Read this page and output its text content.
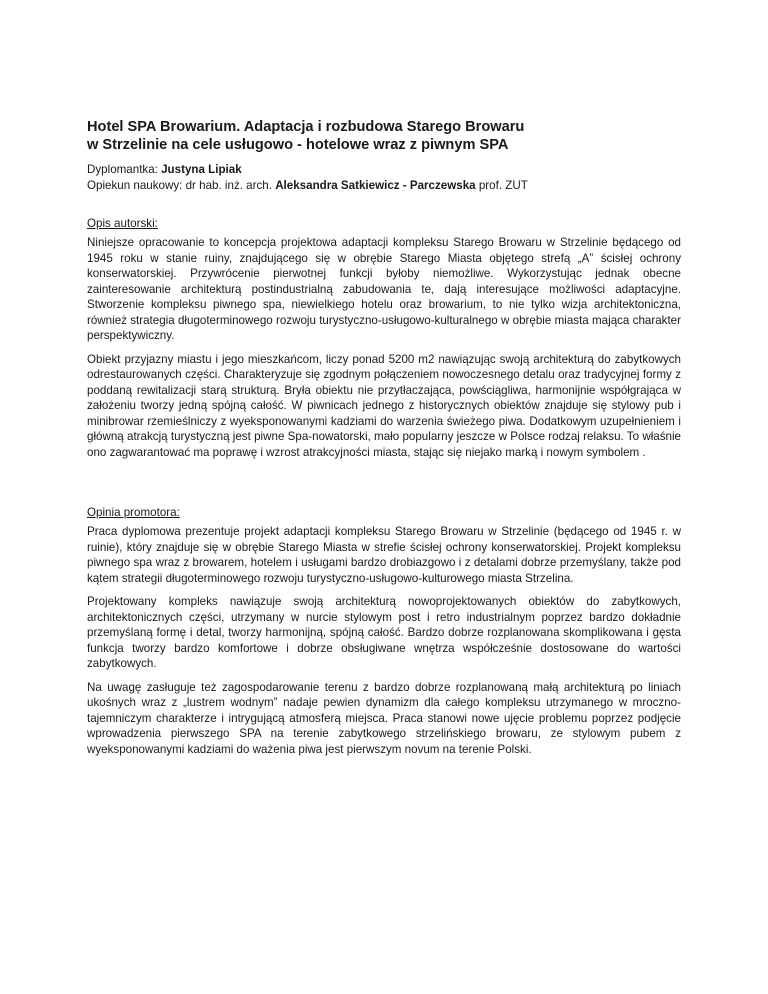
Hotel SPA Browarium. Adaptacja i rozbudowa Starego Browaru
w Strzelinie na cele usługowo - hotelowe wraz z piwnym SPA
Dyplomantka: Justyna Lipiak
Opiekun naukowy: dr hab. inż. arch. Aleksandra Satkiewicz - Parczewska prof. ZUT
Opis autorski:

Niniejsze opracowanie to koncepcja projektowa adaptacji kompleksu Starego Browaru w Strzelinie będącego od 1945 roku w stanie ruiny, znajdującego się w obrębie Starego Miasta objętego strefą „A” ścisłej ochrony konserwatorskiej. Przywrócenie pierwotnej funkcji byłoby niemożliwe. Wykorzystując jednak obecne zainteresowanie architekturą postindustrialną zabudowania te, dają interesujące możliwości adaptacyjne. Stworzenie kompleksu piwnego spa, niewielkiego hotelu oraz browarium, to nie tylko wizja architektoniczna, również strategia długoterminowego rozwoju turystyczno-usługowo-kulturalnego w obrębie miasta mająca charakter perspektywiczny.

Obiekt przyjazny miastu i jego mieszkańcom, liczy ponad 5200 m2 nawiązując swoją architekturą do zabytkowych odrestaurowanych części. Charakteryzuje się zgodnym połączeniem nowoczesnego detalu oraz tradycyjnej formy z poddaną rewitalizacji starą strukturą. Bryła obiektu nie przytłaczająca, powściągliwa, harmonijnie współgrająca w założeniu tworzy jedną spójną całość. W piwnicach jednego z historycznych obiektów znajduje się stylowy pub i minibrowar rzemieślniczy z wyeksponowanymi kadziami do warzenia świeżego piwa. Dodatkowym uzupełnieniem i główną atrakcją turystyczną jest piwne Spa-nowatorski, mało popularny jeszcze w Polsce rodzaj relaksu. To właśnie ono zagwarantować ma poprawę i wzrost atrakcyjności miasta, stając się niejako marką i nowym symbolem .

Opinia promotora:

Praca dyplomowa prezentuje projekt adaptacji kompleksu Starego Browaru w Strzelinie (będącego od 1945 r. w ruinie), który znajduje się w obrębie Starego Miasta w strefie ścisłej ochrony konserwatorskiej. Projekt kompleksu piwnego spa wraz z browarem, hotelem i usługami bardzo drobiazgowo i z detalami dobrze przemyślany, także pod kątem strategii długoterminowego rozwoju turystyczno-usługowo-kulturowego miasta Strzelina.

Projektowany kompleks nawiązuje swoją architekturą nowoprojektowanych obiektów do zabytkowych, architektonicznych części, utrzymany w nurcie stylowym post i retro industrialnym poprzez bardzo dokładnie przemyślaną formę i detal, tworzy harmonijną, spójną całość. Bardzo dobrze rozplanowana skomplikowana i gęsta funkcja tworzy bardzo komfortowe i dobrze obsługiwane wnętrza współcześnie dostosowane do wartości zabytkowych.

Na uwagę zasługuje też zagospodarowanie terenu z bardzo dobrze rozplanowaną małą architekturą po liniach ukośnych wraz z „lustrem wodnym” nadaje pewien dynamizm dla całego kompleksu utrzymanego w mroczno-tajemniczym charakterze i intrygującą atmosferą miejsca. Praca stanowi nowe ujęcie problemu poprzez podjęcie wprowadzenia pierwszego SPA na terenie zabytkowego strzelińskiego browaru, ze stylowym pubem z wyeksponowanymi kadziami do ważenia piwa jest pierwszym novum na terenie Polski.
